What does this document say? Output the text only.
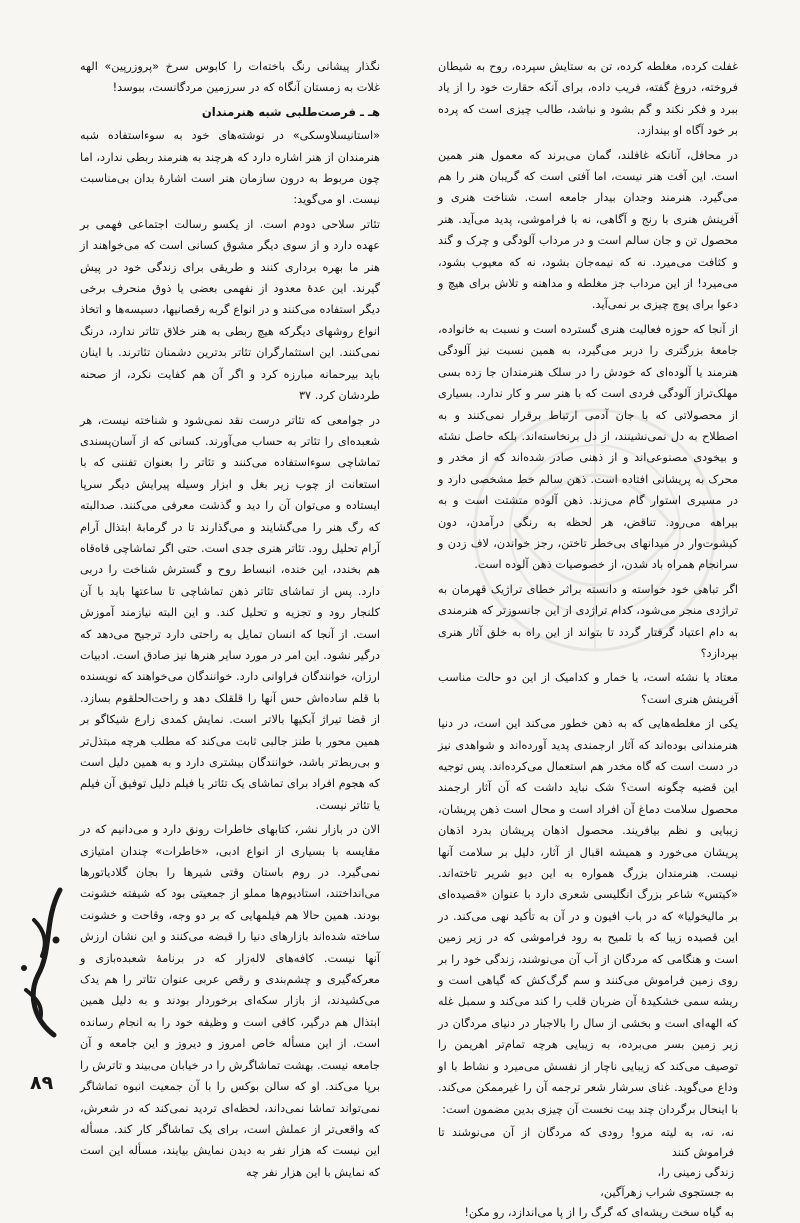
غفلت کرده، مغلطه کرده، تن به ستایش سپرده، روح به شیطان فروخته، دروغ گفته، فریب داده، برای آنکه حقارت خود را از یاد ببرد و فکر نکند و گم بشود و نباشد، طالب چیزی است که پرده بر خود آگاه او بیندازد.

در محافل، آنانکه غافلند، گمان می‌برند که معمول هنر همین است. این آفت هنر نیست، اما آفتی است که گریبان هنر را هم می‌گیرد. هنرمند وجدان بیدار جامعه است. شناخت هنری و آفرینش هنری با رنج و آگاهی، نه با فراموشی، پدید می‌آید. هنر محصول تن و جان سالم است و در مرداب آلودگی و چرک و گند و کثافت می‌میرد. نه که نیمه‌جان بشود، نه که معیوب بشود، می‌میرد! از این مرداب جز مغلطه و مداهنه و تلاش برای هیچ و دعوا برای پوچ چیزی بر نمی‌آید.

از آنجا که حوزه فعالیت هنری گسترده است و نسبت به خانواده، جامعهٔ بزرگتری را دربر می‌گیرد، به همین نسبت نیز آلودگی هنرمند یا آلوده‌ای که خودش را در سلک هنرمندان جا زده بسی مهلک‌تراز آلودگی فردی است که با هنر سر و کار ندارد. بسیاری از محصولاتی که با جان آدمی ارتباط برقرار نمی‌کنند و به اصطلاح به دل نمی‌نشینند، از دل برنخاسته‌اند. بلکه حاصل نشئه و بیخودی مصنوعی‌اند و از ذهنی صادر شده‌اند که از مخدر و محرک به پریشانی افتاده است. ذهن سالم خط مشخصی دارد و در مسیری استوار گام می‌زند. ذهن آلوده متشتت است و به بیراهه می‌رود. تناقض، هر لحظه به رنگی درآمدن، دون کیشوت‌وار در میدانهای بی‌خطر تاختن، رجز خواندن، لاف زدن و سرانجام همراه باد شدن، از خصوصیات ذهن آلوده است.

اگر تباهی خود خواسته و دانسته براثر خطای تراژیک قهرمان به تراژدی منجر می‌شود، کدام تراژدی از این جانسوزتر که هنرمندی به دام اعتیاد گرفتار گردد تا بتواند از این راه به خلق آثار هنری بپردازد؟

معتاد یا نشئه است، یا خمار و کدامیک از این دو حالت مناسب آفرینش هنری است؟

یکی از مغلطه‌هایی که به ذهن خطور می‌کند این است، در دنیا هنرمندانی بوده‌اند که آثار ارجمندی پدید آورده‌اند و شواهدی نیز در دست است که گاه مخدر هم استعمال می‌کرده‌اند. پس توجیه این قضیه چگونه است؟ شک نباید داشت که آن آثار ارجمند محصول سلامت دماغ آن افراد است و محال است ذهن پریشان، زیبایی و نظم بیافریند. محصول اذهان پریشان بدرد اذهان پریشان می‌خورد و همیشه اقبال از آثار، دلیل بر سلامت آنها نیست. هنرمندان بزرگ همواره به این دیو شریر تاخته‌اند. «کیتس» شاعر بزرگ انگلیسی شعری دارد با عنوان «قصیده‌ای بر مالیخولیا» که در باب افیون و در آن به تأکید نهی می‌کند. در این قصیده زیبا که با تلمیح به رود فراموشی که در زیر زمین است و هنگامی که مردگان از آب آن می‌نوشند، زندگی خود را بر روی زمین فراموش می‌کنند و سم گرگ‌کش که گیاهی است و ریشه سمی خشکیدهٔ آن ضربان قلب را کند می‌کند و سمبل غله که الهه‌ای است و بخشی از سال را بالاجبار در دنیای مردگان در زیر زمین بسر می‌برده، به زیبایی هرچه تمام‌تر اهریمن را توصیف می‌کند که زیبایی ناچار از نفسش می‌میرد و نشاط با او وداع می‌گوید. غنای سرشار شعر ترجمه آن را غیرممکن می‌کند. با اینحال برگردان چند بیت نخست آن چیزی بدین مضمون است:

نه، نه، به لیته مرو! رودی که مردگان از آن می‌نوشند تا فراموش کنند
زندگی زمینی را،
به جستجوی شراب زهرآگین،
به گیاه سخت ریشه‌ای که گرگ را از پا می‌اندازد، رو مکن!

نگذار پیشانی رنگ باخته‌ات را کابوس سرخ «پروزرپین» الهه غلات به زمستان آنگاه که در سرزمین مردگانست، ببوسد!

هـ ـ فرصت‌طلبی شبه هنرمندان

«استانیسلاوسکی» در نوشته‌های خود به سوءاستفاده شبه هنرمندان از هنر اشاره دارد که هرچند به هنرمند ربطی ندارد، اما چون مربوط به درون سازمان هنر است اشارهٔ بدان بی‌مناسبت نیست. او می‌گوید:

تئاتر سلاحی دودم است. از یکسو رسالت اجتماعی فهمی بر عهده دارد و از سوی دیگر مشوق کسانی است که می‌خواهند از هنر ما بهره برداری کنند و طریقی برای زندگی خود در پیش گیرند. این عدهٔ معدود از نفهمی بعضی یا ذوق منحرف برخی دیگر استفاده می‌کنند و در انواع گربه رقصانیها، دسیسه‌ها و اتخاذ انواع روشهای دیگرکه هیچ ربطی به هنر خلاق تئاتر ندارد، درنگ نمی‌کنند. این استثمارگران تئاتر بدترین دشمنان تئاترند. با اینان باید بیرحمانه مبارزه کرد و اگر آن هم کفایت نکرد، از صحنه طردشان کرد. ۳۷

در جوامعی که تئاتر درست نقد نمی‌شود و شناخته نیست، هر شعبده‌ای را تئاتر به حساب می‌آورند. کسانی که از آسان‌پسندی تماشاچی سوءاستفاده می‌کنند و تئاتر را بعنوان تفننی که با استعانت از چوب زیر بغل و ابزار وسیله پیرایش دیگر سرپا ایستاده و می‌توان آن را دید و گذشت معرفی می‌کنند. صدالبته که رگ هنر را می‌گشایند و می‌گذارند تا در گرمابهٔ ابتذال آرام آرام تحلیل رود. تئاتر هنری جدی است. حتی اگر تماشاچی قاه‌قاه هم بخندد، این خنده، انبساط روح و گسترش شناخت را دربی دارد. پس از تماشای تئاتر ذهن تماشاچی تا ساعتها باید با آن کلنجار رود و تجزیه و تحلیل کند. و این البته نیازمند آموزش است. از آنجا که انسان تمایل به راحتی دارد ترجیح می‌دهد که درگیر نشود. این امر در مورد سایر هنرها نیز صادق است. ادبیات ارزان، خوانندگان فراوانی دارد. خوانندگان می‌خواهند که نویسنده با قلم ساده‌اش حس آنها را قلقلک دهد و راحت‌الحلقوم بسازد. از قضا تیراژ آبکیها بالاتر است. نمایش کمدی زارع شیکاگو بر همین محور با طنز جالبی ثابت می‌کند که مطلب هرچه مبتذل‌تر و بی‌ربط‌تر باشد، خوانندگان بیشتری دارد و به همین دلیل است که هجوم افراد برای تماشای یک تئاتر یا فیلم دلیل توفیق آن فیلم یا تئاتر نیست.

الان در بازار نشر، کتابهای خاطرات رونق دارد و می‌دانیم که در مقایسه با بسیاری از انواع ادبی، «خاطرات» چندان امتیازی نمی‌گیرد. در روم باستان وقتی شیرها را بجان گلادیاتورها می‌انداختند، استادیوم‌ها مملو از جمعیتی بود که شیفته خشونت بودند. همین حالا هم فیلمهایی که بر دو وجه، وقاحت و خشونت ساخته شده‌اند بازارهای دنیا را قبضه می‌کنند و این نشان ارزش آنها نیست. کافه‌های لاله‌زار که در برنامهٔ شعبده‌بازی و معرکه‌گیری و چشم‌بندی و رقص عربی عنوان تئاتر را هم یدک می‌کشیدند، از بازار سکه‌ای برخوردار بودند و به دلیل همین ابتذال هم درگیر، کافی است و وظیفه خود را به انجام رسانده است. از این مسأله خاص امروز و دیروز و این جامعه و آن جامعه نیست. بهشت تماشاگرش را در خیابان می‌بیند و تاترش را برپا می‌کند. او که سالن بوکس را با آن جمعیت انبوه تماشاگر نمی‌تواند تماشا نمی‌داند، لحظه‌ای تردید نمی‌کند که در شعرش، که واقعی‌تر از عملش است، برای یک تماشاگر کار کند. مسأله این نیست که هزار نفر به دیدن نمایش بیایند، مسأله این است که نمایش با این هزار نفر چه

۸۹
